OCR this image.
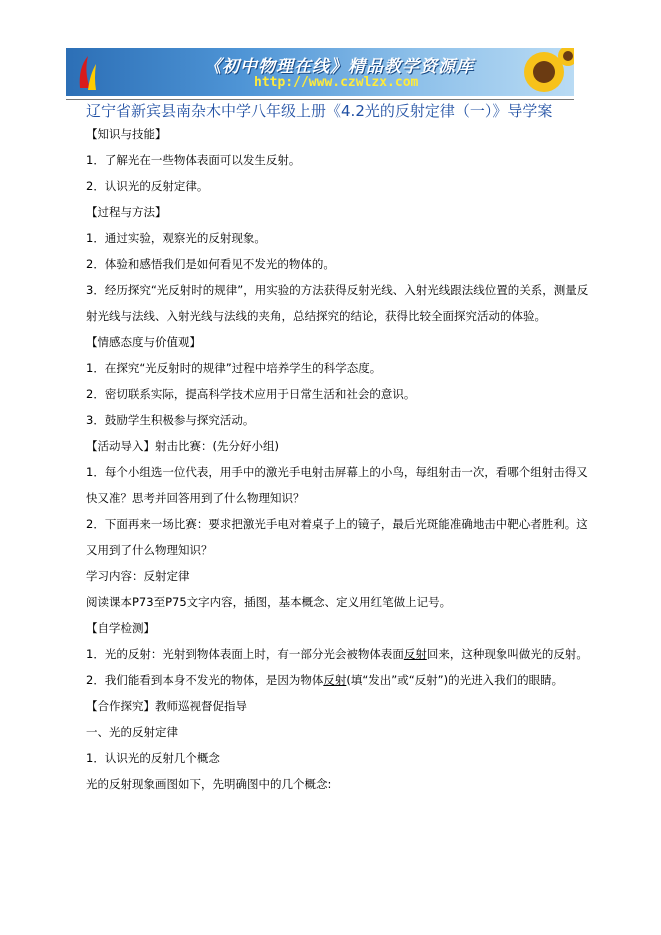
《初中物理在线》精品教学资源库
http://www.czwlzx.com
辽宁省新宾县南杂木中学八年级上册《4.2光的反射定律（一）》导学案
【知识与技能】
1．了解光在一些物体表面可以发生反射。
2．认识光的反射定律。
【过程与方法】
1．通过实验，观察光的反射现象。
2．体验和感悟我们是如何看见不发光的物体的。
3．经历探究“光反射时的规律”，用实验的方法获得反射光线、入射光线跟法线位置的关系，测量反射光线与法线、入射光线与法线的夹角，总结探究的结论，获得比较全面探究活动的体验。
【情感态度与价值观】
1．在探究“光反射时的规律”过程中培养学生的科学态度。
2．密切联系实际，提高科学技术应用于日常生活和社会的意识。
3．鼓励学生积极参与探究活动。
【活动导入】射击比赛：(先分好小组)
1．每个小组选一位代表，用手中的激光手电射击屏幕上的小鸟，每组射击一次，看哪个组射击得又快又准？思考并回答用到了什么物理知识？
2．下面再来一场比赛：要求把激光手电对着桌子上的镜子，最后光斑能准确地击中靶心者胜利。这又用到了什么物理知识？
学习内容：反射定律
阅读课本P73至P75文字内容，插图，基本概念、定义用红笔做上记号。
【自学检测】
1．光的反射：光射到物体表面上时，有一部分光会被物体表面反射回来，这种现象叫做光的反射。
2．我们能看到本身不发光的物体，是因为物体反射(填“发出”或“反射”)的光进入我们的眼睛。
【合作探究】教师巡视督促指导
一、光的反射定律
1．认识光的反射几个概念
光的反射现象画图如下，先明确图中的几个概念:
